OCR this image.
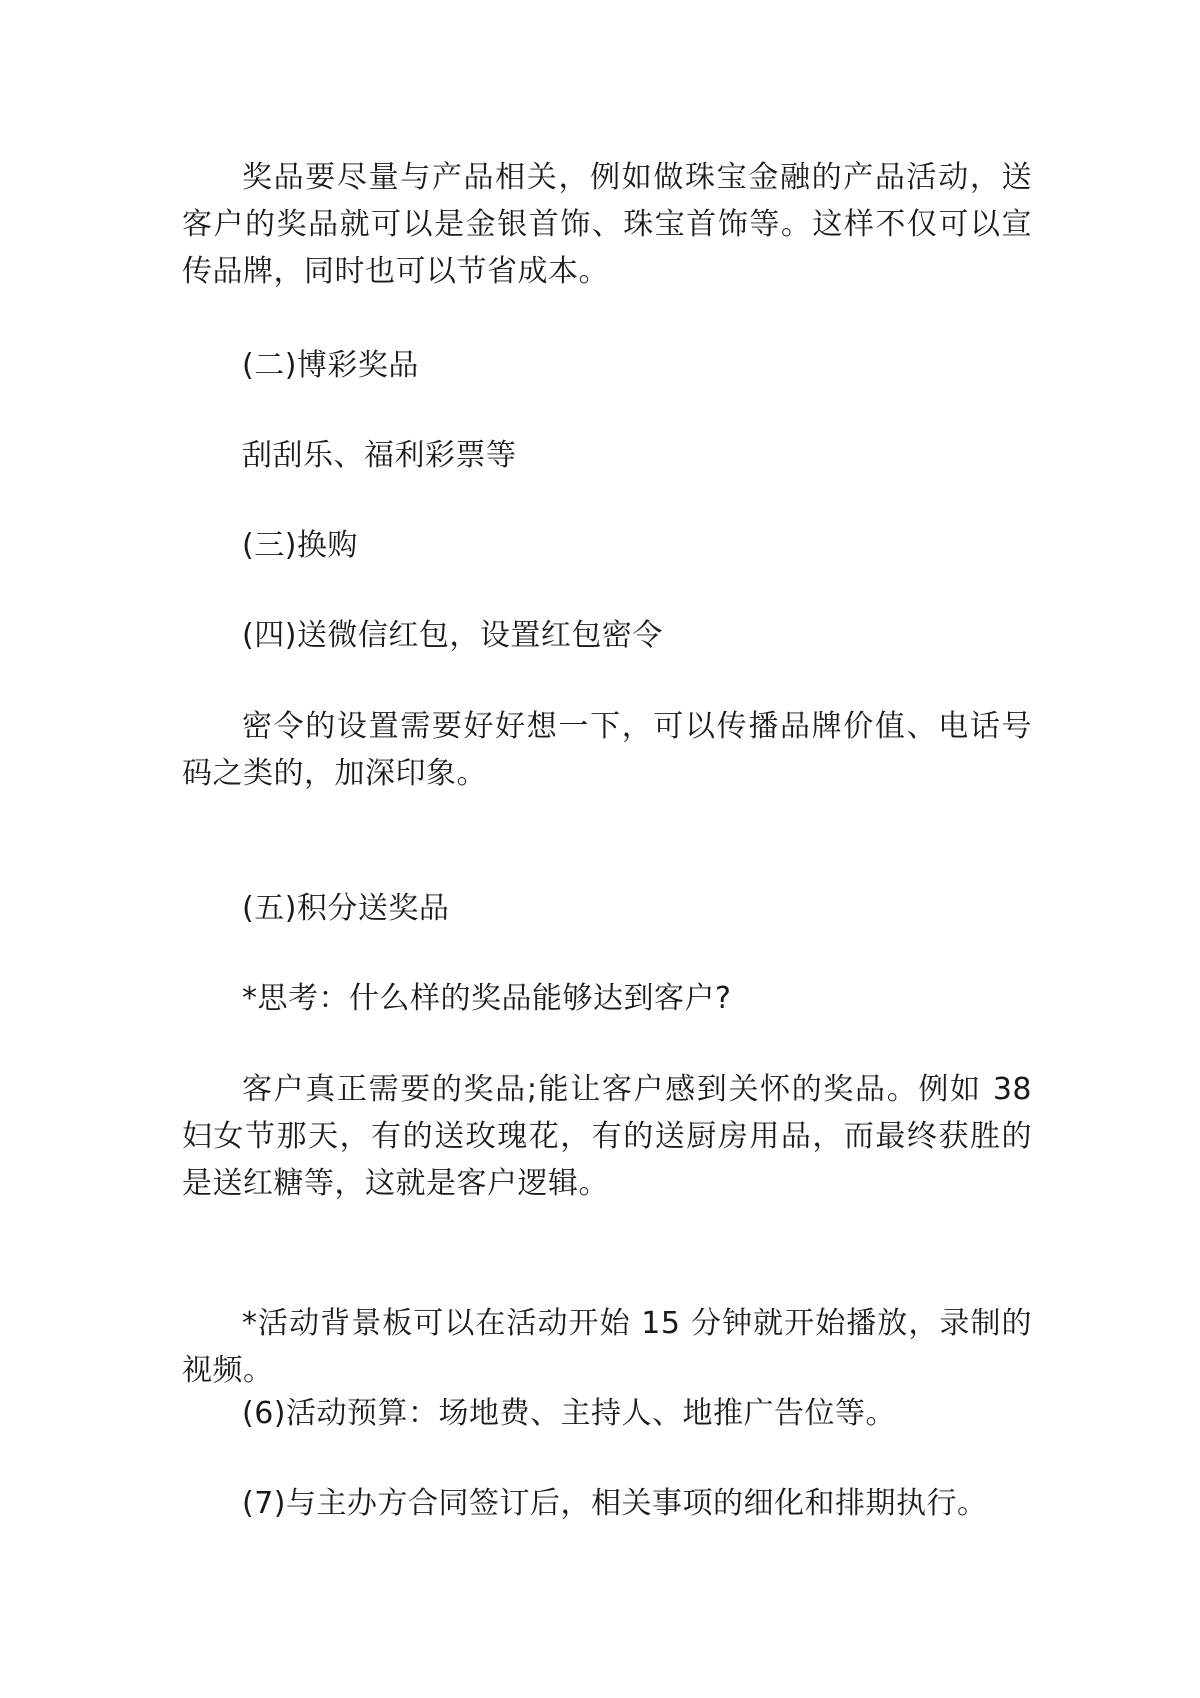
奖品要尽量与产品相关，例如做珠宝金融的产品活动，送客户的奖品就可以是金银首饰、珠宝首饰等。这样不仅可以宣传品牌，同时也可以节省成本。

(二)博彩奖品

刮刮乐、福利彩票等

(三)换购

(四)送微信红包，设置红包密令

密令的设置需要好好想一下，可以传播品牌价值、电话号码之类的，加深印象。

(五)积分送奖品

*思考：什么样的奖品能够达到客户?

客户真正需要的奖品;能让客户感到关怀的奖品。例如 38 妇女节那天，有的送玫瑰花，有的送厨房用品，而最终获胜的是送红糖等，这就是客户逻辑。

*活动背景板可以在活动开始 15 分钟就开始播放，录制的视频。

(6)活动预算：场地费、主持人、地推广告位等。

(7)与主办方合同签订后，相关事项的细化和排期执行。
